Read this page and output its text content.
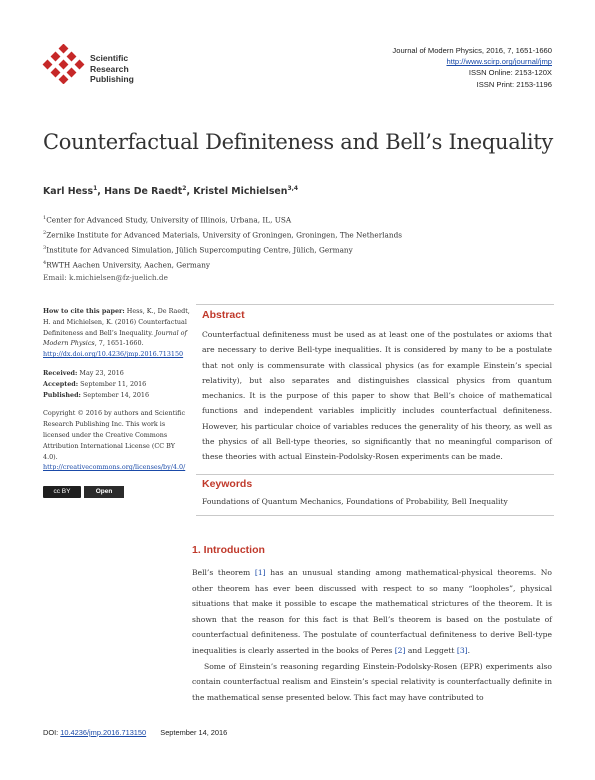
Scientific
Research
Publishing
Journal of Modern Physics, 2016, 7, 1651-1660
http://www.scirp.org/journal/jmp
ISSN Online: 2153-120X
ISSN Print: 2153-1196
Counterfactual Definiteness and Bell’s Inequality
Karl Hess$^1$, Hans De Raedt$^2$, Kristel Michielsen$^{3,4}$
$^1$Center for Advanced Study, University of Illinois, Urbana, IL, USA
$^2$Zernike Institute for Advanced Materials, University of Groningen, Groningen, The Netherlands
$^3$Institute for Advanced Simulation, Jülich Supercomputing Centre, Jülich, Germany
$^4$RWTH Aachen University, Aachen, Germany
Email: k.michielsen@fz-juelich.de

How to cite this paper: Hess, K., De Raedt, H. and Michielsen, K. (2016) Counterfactual Definiteness and Bell’s Inequality. Journal of Modern Physics, 7, 1651-1660.
http://dx.doi.org/10.4236/jmp.2016.713150

Received: May 23, 2016

Accepted: September 11, 2016

Published: September 14, 2016

Copyright © 2016 by authors and Scientific Research Publishing Inc. This work is licensed under the Creative Commons Attribution International License (CC BY 4.0).

http://creativecommons.org/licenses/by/4.0/

cc BY	Open Access
Abstract
Counterfactual definiteness must be used as at least one of the postulates or axioms that are necessary to derive Bell-type inequalities. It is considered by many to be a postulate that not only is commensurate with classical physics (as for example Einstein’s special relativity), but also separates and distinguishes classical physics from quantum mechanics. It is the purpose of this paper to show that Bell’s choice of mathematical functions and independent variables implicitly includes counterfactual definiteness. However, his particular choice of variables reduces the generality of his theory, as well as the physics of all Bell-type theories, so significantly that no meaningful comparison of these theories with actual Einstein-Podolsky-Rosen experiments can be made.
Keywords
Foundations of Quantum Mechanics, Foundations of Probability, Bell Inequality
1. Introduction

Bell’s theorem [1] has an unusual standing among mathematical-physical theorems. No other theorem has ever been discussed with respect to so many “loopholes”, physical situations that make it possible to escape the mathematical strictures of the theorem. It is shown that the reason for this fact is that Bell’s theorem is based on the postulate of counterfactual definiteness. The postulate of counterfactual definiteness to derive Bell-type inequalities is clearly asserted in the books of Peres [2] and Leggett [3].

Some of Einstein’s reasoning regarding Einstein-Podolsky-Rosen (EPR) experiments also contain counterfactual realism and Einstein’s special relativity is counterfactually definite in the mathematical sense presented below. This fact may have contributed to

DOI: 10.4236/jmp.2016.713150 September 14, 2016
